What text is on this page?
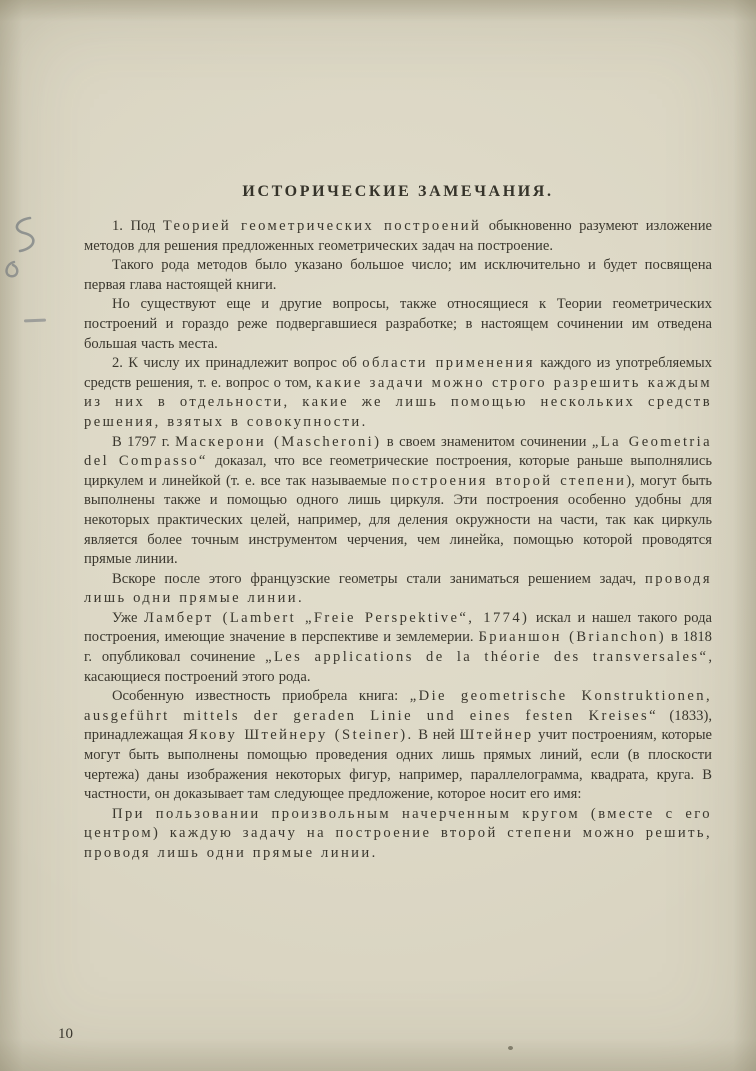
ИСТОРИЧЕСКИЕ ЗАМЕЧАНИЯ.

1. Под Теорией геометрических построений обыкновенно разумеют изложение методов для решения предложенных геометрических задач на построение.

Такого рода методов было указано большое число; им исключительно и будет посвящена первая глава настоящей книги.

Но существуют еще и другие вопросы, также относящиеся к Теории геометрических построений и гораздо реже подвергавшиеся разработке; в настоящем сочинении им отведена большая часть места.

2. К числу их принадлежит вопрос об области применения каждого из употребляемых средств решения, т. е. вопрос о том, какие задачи можно строго разрешить каждым из них в отдельности, какие же лишь помощью нескольких средств решения, взятых в совокупности.

В 1797 г. Маскерони (Mascheroni) в своем знаменитом сочинении „La Geometria del Compasso“ доказал, что все геометрические построения, которые раньше выполнялись циркулем и линейкой (т. е. все так называемые построения второй степени), могут быть выполнены также и помощью одного лишь циркуля. Эти построения особенно удобны для некоторых практических целей, например, для деления окружности на части, так как циркуль является более точным инструментом черчения, чем линейка, помощью которой проводятся прямые линии.

Вскоре после этого французские геометры стали заниматься решением задач, проводя лишь одни прямые линии.

Уже Ламберт (Lambert „Freie Perspektive“, 1774) искал и нашел такого рода построения, имеющие значение в перспективе и землемерии. Брианшон (Brianchon) в 1818 г. опубликовал сочинение „Les applications de la théorie des transversales“, касающиеся построений этого рода.

Особенную известность приобрела книга: „Die geometrische Konstruktionen, ausgeführt mittels der geraden Linie und eines festen Kreises“ (1833), принадлежащая Якову Штейнеру (Steiner). В ней Штейнер учит построениям, которые могут быть выполнены помощью проведения одних лишь прямых линий, если (в плоскости чертежа) даны изображения некоторых фигур, например, параллелограмма, квадрата, круга. В частности, он доказывает там следующее предложение, которое носит его имя:

При пользовании произвольным начерченным кругом (вместе с его центром) каждую задачу на построение второй степени можно решить, проводя лишь одни прямые линии.

10
